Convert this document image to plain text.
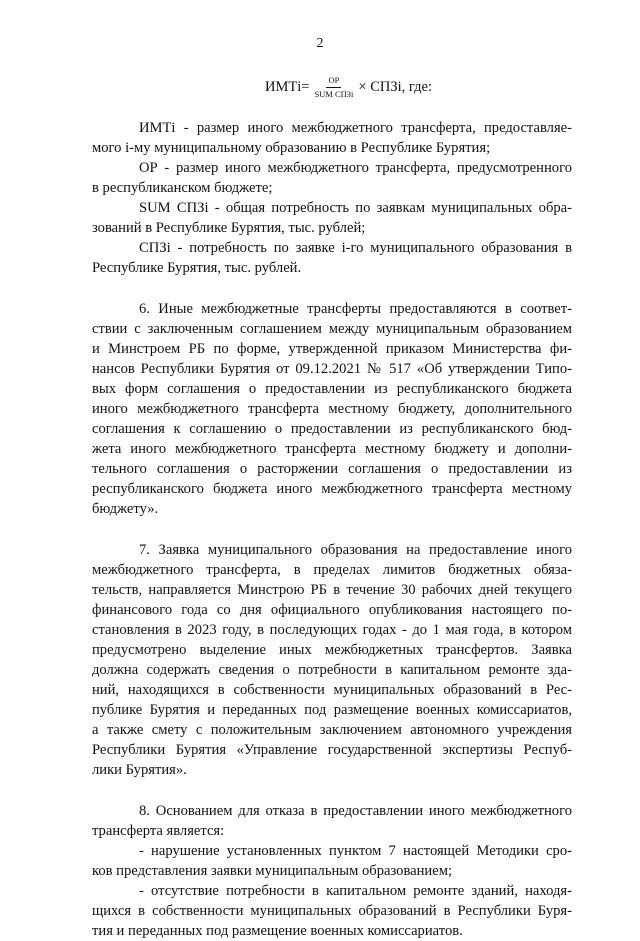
2
ИМТi= $\frac{ОР}{\text{SUM СПЗi}}$ × СПЗi, где:
ИМТi - размер иного межбюджетного трансферта, предоставляе-
мого i-му муниципальному образованию в Республике Бурятия;
ОР - размер иного межбюджетного трансферта, предусмотренного
в республиканском бюджете;
SUM СПЗi - общая потребность по заявкам муниципальных обра-
зований в Республике Бурятия, тыс. рублей;
СПЗi - потребность по заявке i-го муниципального образования в
Республике Бурятия, тыс. рублей.
6. Иные межбюджетные трансферты предоставляются в соответ-
ствии с заключенным соглашением между муниципальным образованием
и Минстроем РБ по форме, утвержденной приказом Министерства фи-
нансов Республики Бурятия от 09.12.2021 № 517 «Об утверждении Типо-
вых форм соглашения о предоставлении из республиканского бюджета
иного межбюджетного трансферта местному бюджету, дополнительного
соглашения к соглашению о предоставлении из республиканского бюд-
жета иного межбюджетного трансферта местному бюджету и дополни-
тельного соглашения о расторжении соглашения о предоставлении из
республиканского бюджета иного межбюджетного трансферта местному
бюджету».
7. Заявка муниципального образования на предоставление иного
межбюджетного трансферта, в пределах лимитов бюджетных обяза-
тельств, направляется Минстрою РБ в течение 30 рабочих дней текущего
финансового года со дня официального опубликования настоящего по-
становления в 2023 году, в последующих годах - до 1 мая года, в котором
предусмотрено выделение иных межбюджетных трансфертов. Заявка
должна содержать сведения о потребности в капитальном ремонте зда-
ний, находящихся в собственности муниципальных образований в Рес-
публике Бурятия и переданных под размещение военных комиссариатов,
а также смету с положительным заключением автономного учреждения
Республики Бурятия «Управление государственной экспертизы Респуб-
лики Бурятия».
8. Основанием для отказа в предоставлении иного межбюджетного
трансферта является:
- нарушение установленных пунктом 7 настоящей Методики сро-
ков представления заявки муниципальным образованием;
- отсутствие потребности в капитальном ремонте зданий, находя-
щихся в собственности муниципальных образований в Республики Буря-
тия и переданных под размещение военных комиссариатов.
